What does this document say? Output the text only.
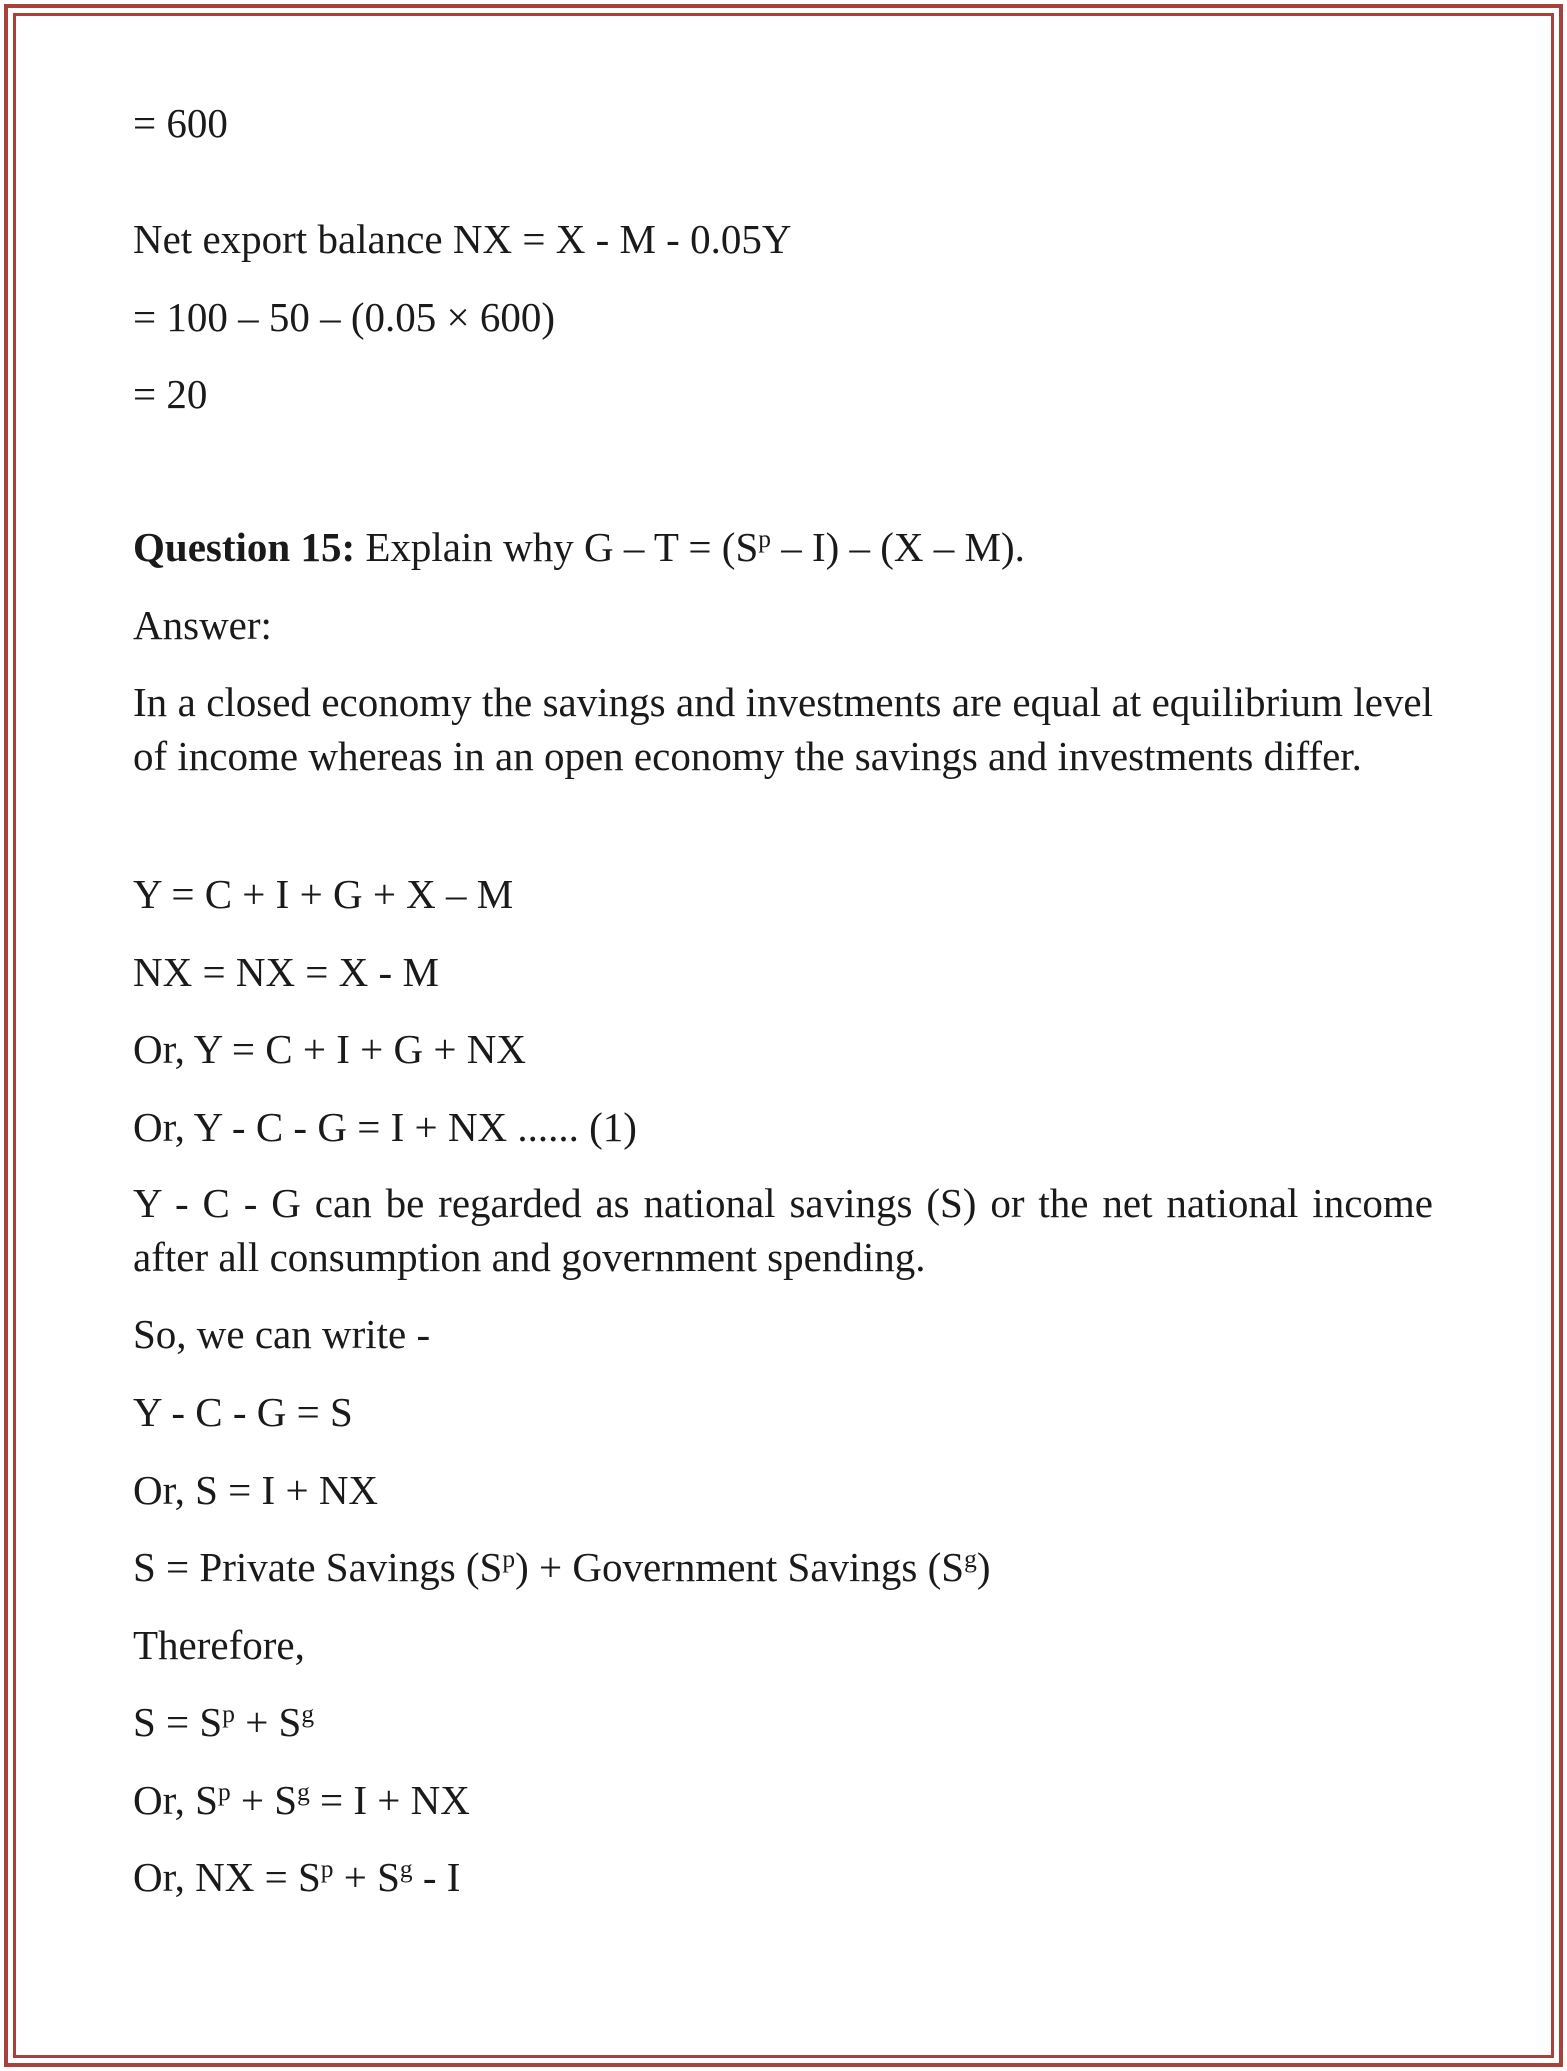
= 600
Net export balance NX = X - M - 0.05Y
= 100 – 50 – (0.05 × 600)
= 20
Question 15: Explain why $G - T = (S^p - I) - (X - M)$.
Answer:
In a closed economy the savings and investments are equal at equilibrium level of income whereas in an open economy the savings and investments differ.
Y = C + I + G + X – M
NX = NX = X - M
Or, Y = C + I + G + NX
Or, Y - C - G = I + NX ...... (1)
Y - C - G can be regarded as national savings (S) or the net national income after all consumption and government spending.
So, we can write -
Y - C - G = S
Or, S = I + NX
S = Private Savings $(S^p)$ + Government Savings $(S^g)$
Therefore,
$S = S^p + S^g$
Or, $S^p + S^g = I$ + NX
Or, NX = $S^p + S^g - I$
